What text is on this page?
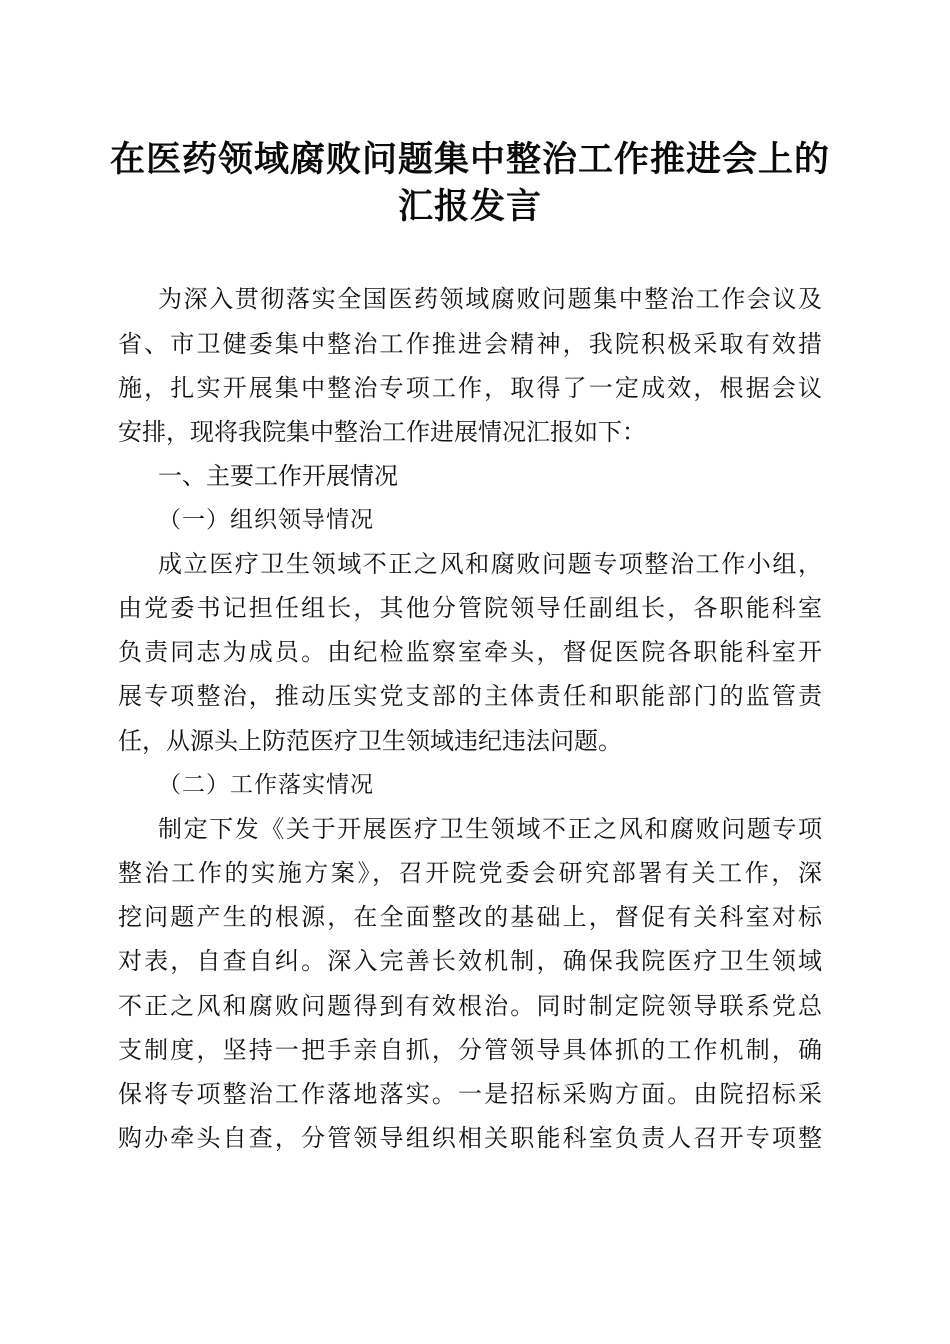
在医药领域腐败问题集中整治工作推进会上的
汇报发言
为深入贯彻落实全国医药领域腐败问题集中整治工作会议及
省、市卫健委集中整治工作推进会精神，我院积极采取有效措
施，扎实开展集中整治专项工作，取得了一定成效，根据会议
安排，现将我院集中整治工作进展情况汇报如下：
一、主要工作开展情况
（一）组织领导情况
成立医疗卫生领域不正之风和腐败问题专项整治工作小组，
由党委书记担任组长，其他分管院领导任副组长，各职能科室
负责同志为成员。由纪检监察室牵头，督促医院各职能科室开
展专项整治，推动压实党支部的主体责任和职能部门的监管责
任，从源头上防范医疗卫生领域违纪违法问题。
（二）工作落实情况
制定下发《关于开展医疗卫生领域不正之风和腐败问题专项
整治工作的实施方案》，召开院党委会研究部署有关工作，深
挖问题产生的根源，在全面整改的基础上，督促有关科室对标
对表，自查自纠。深入完善长效机制，确保我院医疗卫生领域
不正之风和腐败问题得到有效根治。同时制定院领导联系党总
支制度，坚持一把手亲自抓，分管领导具体抓的工作机制，确
保将专项整治工作落地落实。一是招标采购方面。由院招标采
购办牵头自查，分管领导组织相关职能科室负责人召开专项整
